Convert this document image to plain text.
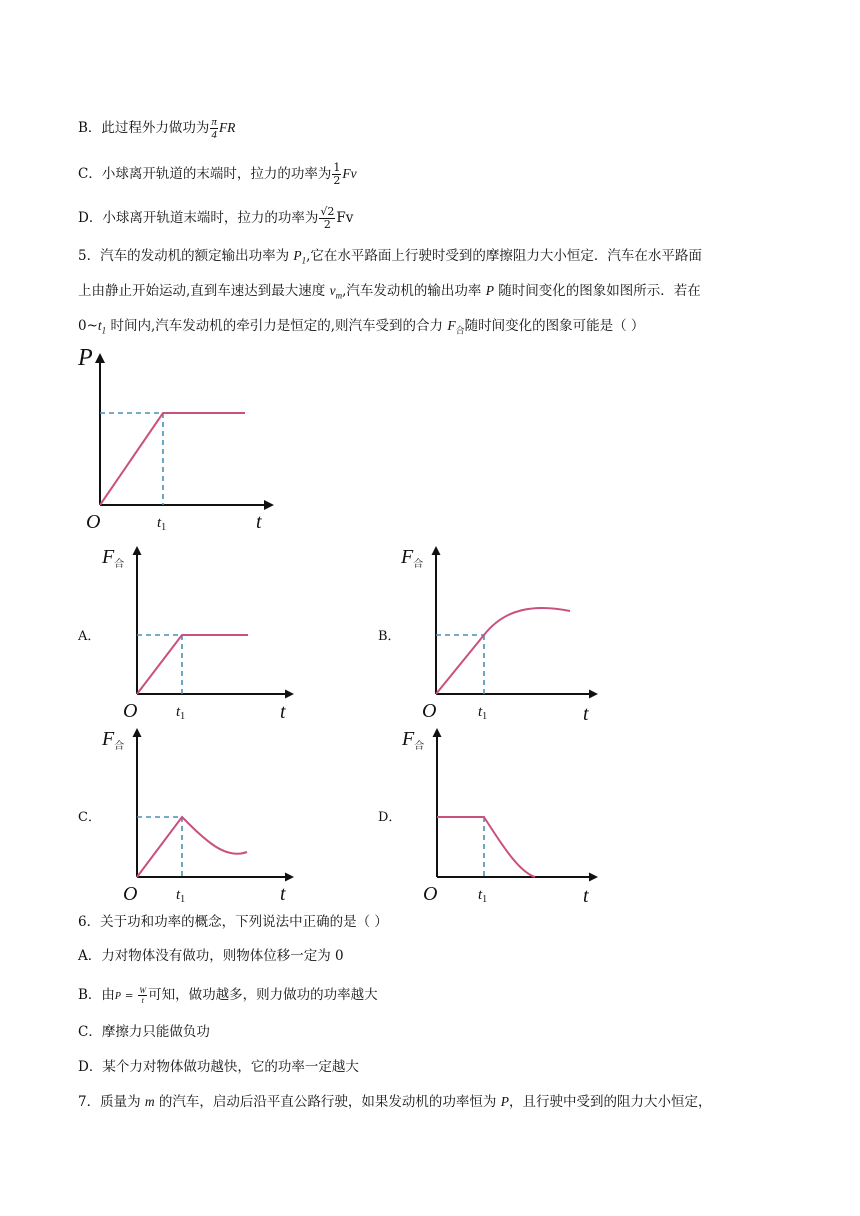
B．此过程外力做功为 $\frac{\pi}{4}$ FR
C．小球离开轨道的末端时，拉力的功率为 $\frac{1}{2}$ Fv
D．小球离开轨道末端时，拉力的功率为 $\frac{√2}{2}$ Fv
5．汽车的发动机的额定输出功率为 $P_1$,它在水平路面上行驶时受到的摩擦阻力大小恒定．汽车在水平路面
上由静止开始运动,直到车速达到最大速度 $v_m$,汽车发动机的输出功率 P 随时间变化的图象如图所示．若在
$0\sim t_1$ 时间内,汽车发动机的牵引力是恒定的,则汽车受到的合力 $F_合$随时间变化的图象可能是（ ）
P
O	$t_1$	t
A．	B．
C．	D．
$F_合$
O	$t_1$	t
$F_合$
O	$t_1$	t
$F_合$
O	$t_1$	t
$F_合$
O	$t_1$	t
6．关于功和功率的概念，下列说法中正确的是（ ）
A．力对物体没有做功，则物体位移一定为 0
B．由$P = \frac{W}{t}$ 可知，做功越多，则力做功的功率越大
C．摩擦力只能做负功
D．某个力对物体做功越快，它的功率一定越大
7．质量为 m 的汽车，启动后沿平直公路行驶，如果发动机的功率恒为 P，且行驶中受到的阻力大小恒定，
